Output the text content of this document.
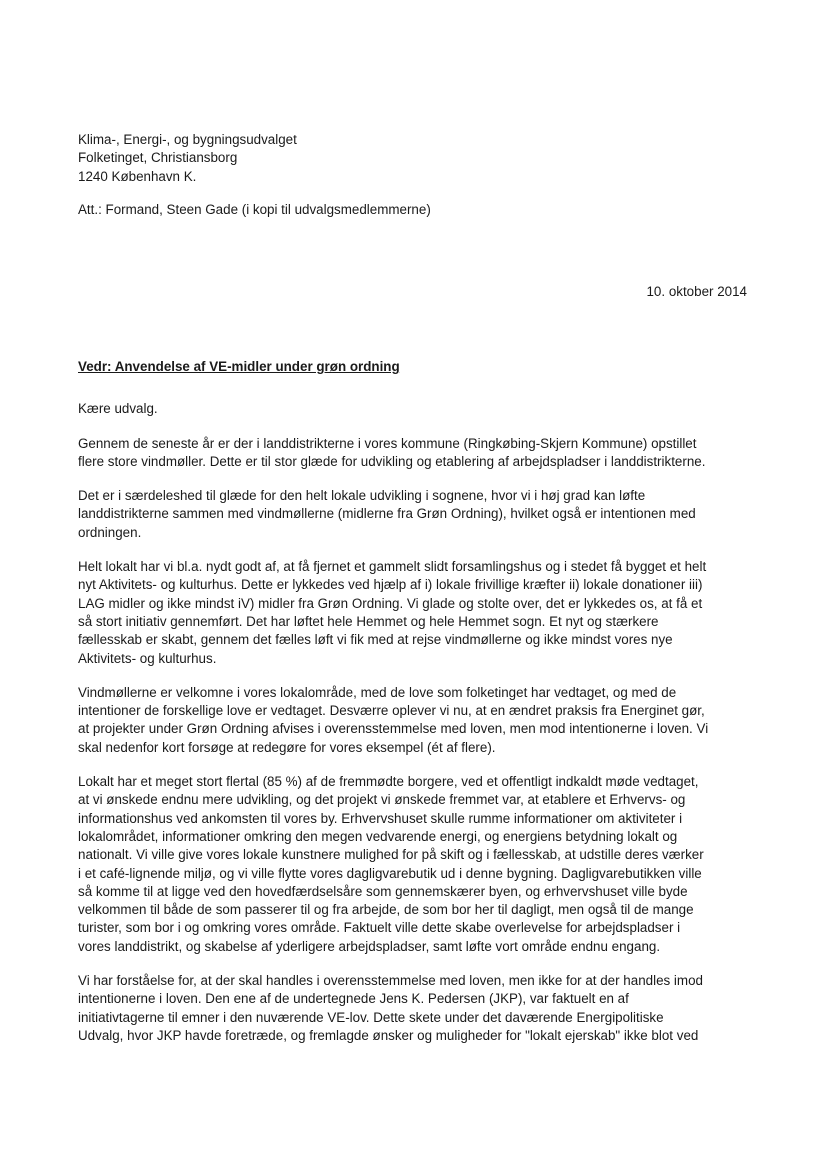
Klima-, Energi-, og bygningsudvalget
Folketinget, Christiansborg
1240 København K.
Att.: Formand, Steen Gade (i kopi til udvalgsmedlemmerne)
10. oktober 2014
Vedr: Anvendelse af VE-midler under grøn ordning

Kære udvalg.

Gennem de seneste år er der i landdistrikterne i vores kommune (Ringkøbing-Skjern Kommune) opstillet
flere store vindmøller. Dette er til stor glæde for udvikling og etablering af arbejdspladser i landdistrikterne.

Det er i særdeleshed til glæde for den helt lokale udvikling i sognene, hvor vi i høj grad kan løfte
landdistrikterne sammen med vindmøllerne (midlerne fra Grøn Ordning), hvilket også er intentionen med
ordningen.

Helt lokalt har vi bl.a. nydt godt af, at få fjernet et gammelt slidt forsamlingshus og i stedet få bygget et helt
nyt Aktivitets- og kulturhus. Dette er lykkedes ved hjælp af i) lokale frivillige kræfter ii) lokale donationer iii)
LAG midler og ikke mindst iV) midler fra Grøn Ordning. Vi glade og stolte over, det er lykkedes os, at få et
så stort initiativ gennemført. Det har løftet hele Hemmet og hele Hemmet sogn. Et nyt og stærkere
fællesskab er skabt, gennem det fælles løft vi fik med at rejse vindmøllerne og ikke mindst vores nye
Aktivitets- og kulturhus.

Vindmøllerne er velkomne i vores lokalområde, med de love som folketinget har vedtaget, og med de
intentioner de forskellige love er vedtaget. Desværre oplever vi nu, at en ændret praksis fra Energinet gør,
at projekter under Grøn Ordning afvises i overensstemmelse med loven, men mod intentionerne i loven. Vi
skal nedenfor kort forsøge at redegøre for vores eksempel (ét af flere).

Lokalt har et meget stort flertal (85 %) af de fremmødte borgere, ved et offentligt indkaldt møde vedtaget,
at vi ønskede endnu mere udvikling, og det projekt vi ønskede fremmet var, at etablere et Erhvervs- og
informationshus ved ankomsten til vores by. Erhvervshuset skulle rumme informationer om aktiviteter i
lokalområdet, informationer omkring den megen vedvarende energi, og energiens betydning lokalt og
nationalt. Vi ville give vores lokale kunstnere mulighed for på skift og i fællesskab, at udstille deres værker
i et café-lignende miljø, og vi ville flytte vores dagligvarebutik ud i denne bygning. Dagligvarebutikken ville
så komme til at ligge ved den hovedfærdselsåre som gennemskærer byen, og erhvervshuset ville byde
velkommen til både de som passerer til og fra arbejde, de som bor her til dagligt, men også til de mange
turister, som bor i og omkring vores område. Faktuelt ville dette skabe overlevelse for arbejdspladser i
vores landdistrikt, og skabelse af yderligere arbejdspladser, samt løfte vort område endnu engang.

Vi har forståelse for, at der skal handles i overensstemmelse med loven, men ikke for at der handles imod
intentionerne i loven. Den ene af de undertegnede Jens K. Pedersen (JKP), var faktuelt en af
initiativtagerne til emner i den nuværende VE-lov. Dette skete under det daværende Energipolitiske
Udvalg, hvor JKP havde foretræde, og fremlagde ønsker og muligheder for "lokalt ejerskab" ikke blot ved
